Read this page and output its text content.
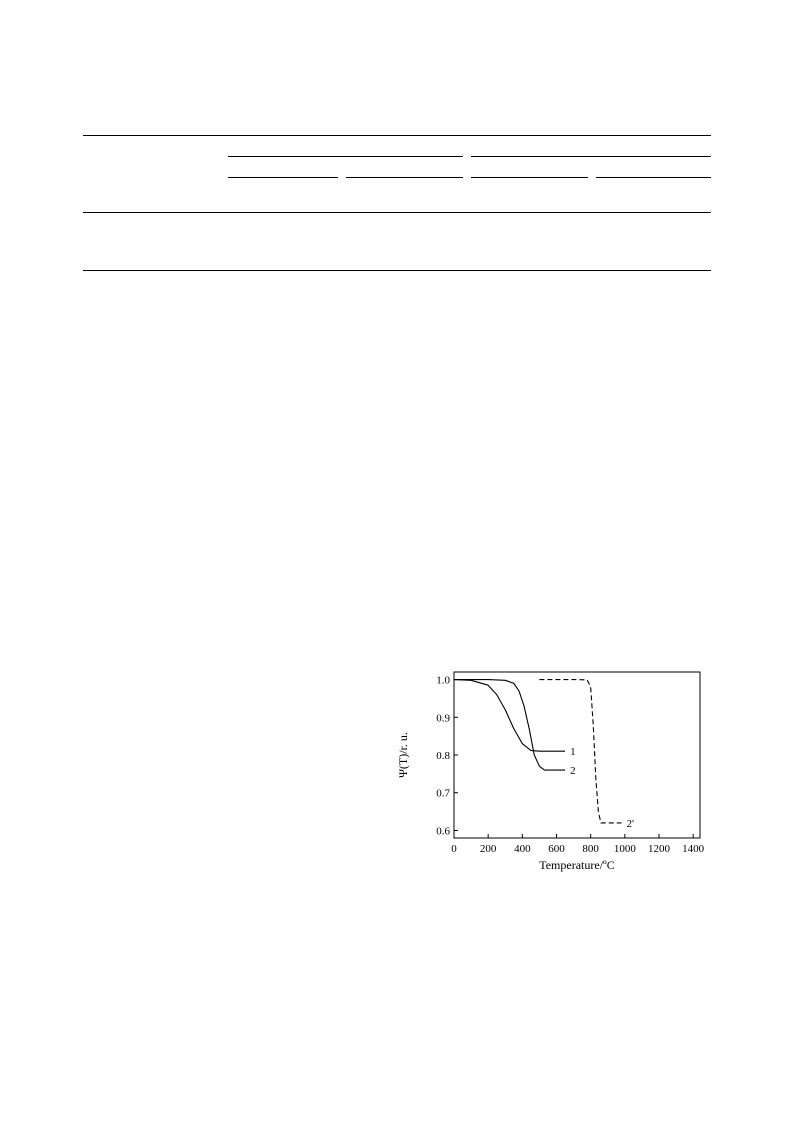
0 200 400 600 800 1000 1200 1400
0.6
0.7
0.8
0.9
1.0
1
2
2'
Temperature/ºC
Ψ(T)/r. u.
